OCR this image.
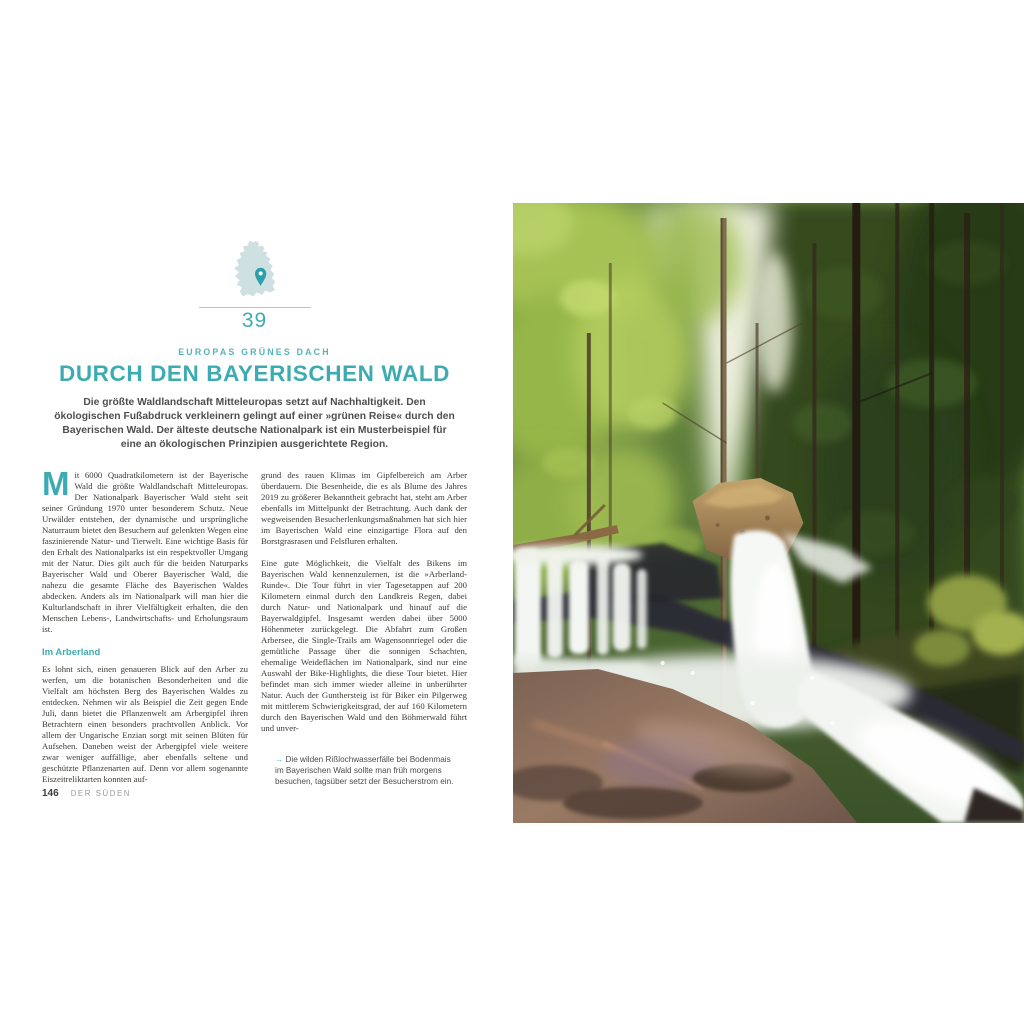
39
EUROPAS GRÜNES DACH
DURCH DEN BAYERISCHEN WALD

Die größte Waldlandschaft Mitteleuropas setzt auf Nachhaltigkeit. Den ökologischen Fußabdruck verkleinern gelingt auf einer »grünen Reise« durch den Bayerischen Wald. Der älteste deutsche Nationalpark ist ein Musterbeispiel für eine an ökologischen Prinzipien ausgerichtete Region.

Mit 6000 Quadratkilometern ist der Bayerische Wald die größte Waldlandschaft Mitteleuropas. Der Nationalpark Bayerischer Wald steht seit seiner Gründung 1970 unter besonderem Schutz. Neue Urwälder entstehen, der dynamische und ursprüngliche Naturraum bietet den Besuchern auf gelenkten Wegen eine faszinierende Natur- und Tierwelt. Eine wichtige Basis für den Erhalt des Nationalparks ist ein respektvoller Umgang mit der Natur. Dies gilt auch für die beiden Naturparks Bayerischer Wald und Oberer Bayerischer Wald, die nahezu die gesamte Fläche des Bayerischen Waldes abdecken. Anders als im Nationalpark will man hier die Kulturlandschaft in ihrer Vielfältigkeit erhalten, die den Menschen Lebens-, Landwirtschafts- und Erholungsraum ist.

Im Arberland

Es lohnt sich, einen genaueren Blick auf den Arber zu werfen, um die botanischen Besonderheiten und die Vielfalt am höchsten Berg des Bayerischen Waldes zu entdecken. Nehmen wir als Beispiel die Zeit gegen Ende Juli, dann bietet die Pflanzenwelt am Arbergipfel ihren Betrachtern einen besonders prachtvollen Anblick. Vor allem der Ungarische Enzian sorgt mit seinen Blüten für Aufsehen. Daneben weist der Arbergipfel viele weitere zwar weniger auffällige, aber ebenfalls seltene und geschützte Pflanzenarten auf. Denn vor allem sogenannte Eiszeitreliktarten konnten auf-

grund des rauen Klimas im Gipfelbereich am Arber überdauern. Die Besenheide, die es als Blume des Jahres 2019 zu größerer Bekanntheit gebracht hat, steht am Arber ebenfalls im Mittelpunkt der Betrachtung. Auch dank der wegweisenden Besucherlenkungsmaßnahmen hat sich hier im Bayerischen Wald eine einzigartige Flora auf den Borstgrasrasen und Felsfluren erhalten.

Eine gute Möglichkeit, die Vielfalt des Bikens im Bayerischen Wald kennenzulernen, ist die »Arberland-Runde«. Die Tour führt in vier Tagesetappen auf 200 Kilometern einmal durch den Landkreis Regen, dabei durch Natur- und Nationalpark und hinauf auf die Bayerwaldgipfel. Insgesamt werden dabei über 5000 Höhenmeter zurückgelegt. Die Abfahrt zum Großen Arbersee, die Single-Trails am Wagensonnriegel oder die gemütliche Passage über die sonnigen Schachten, ehemalige Weideflächen im Nationalpark, sind nur eine Auswahl der Bike-Highlights, die diese Tour bietet. Hier befindet man sich immer wieder alleine in unberührter Natur. Auch der Gunthersteig ist für Biker ein Pilgerweg mit mittlerem Schwierigkeitsgrad, der auf 160 Kilometern durch den Bayerischen Wald und den Böhmerwald führt und unver-

→ Die wilden Rißlochwasserfälle bei Bodenmais im Bayerischen Wald sollte man früh morgens besuchen, tagsüber setzt der Besucherstrom ein.

146 DER SÜDEN
